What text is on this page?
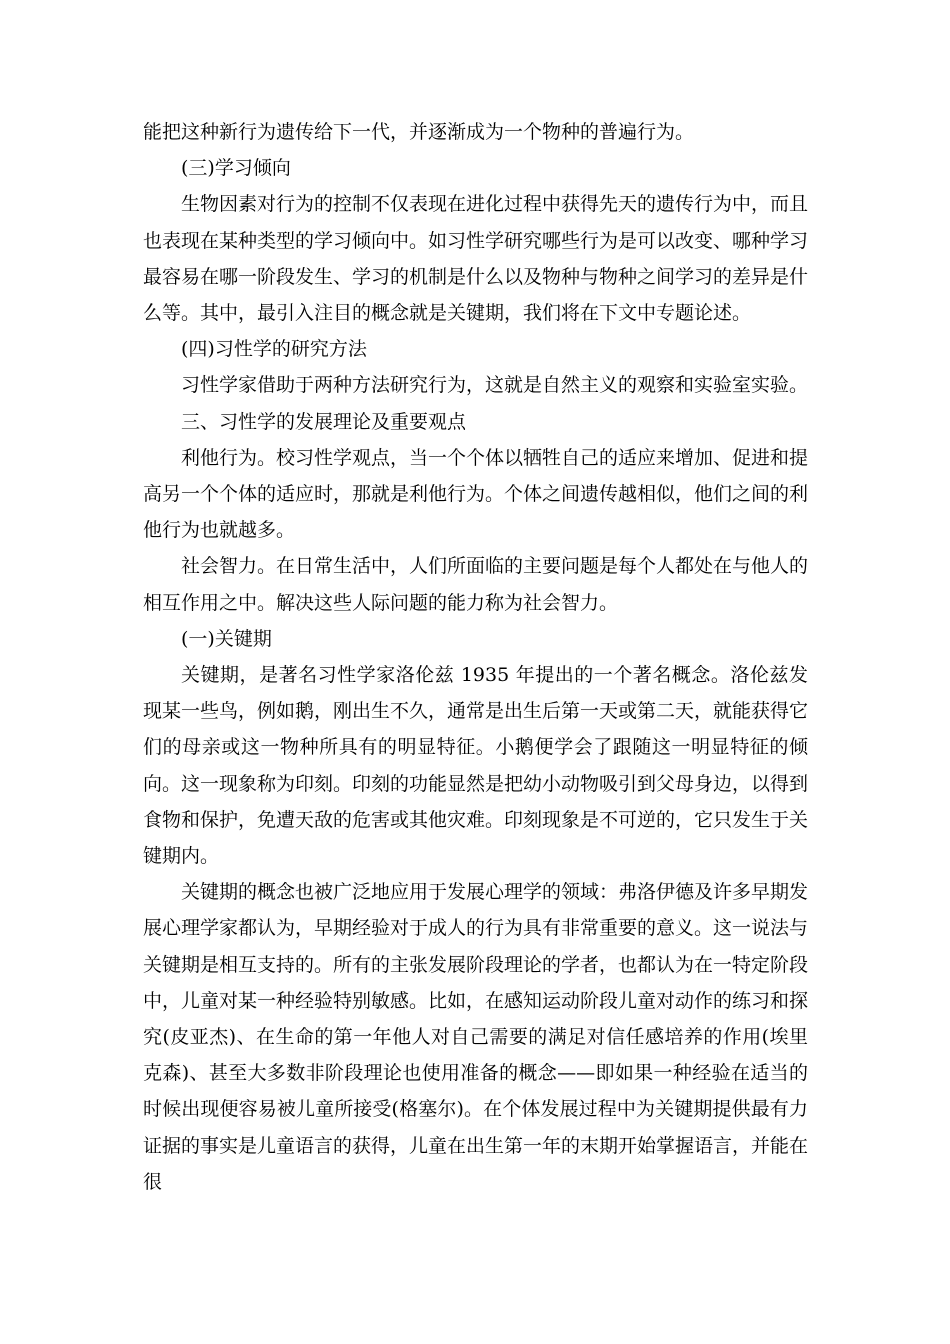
能把这种新行为遗传给下一代，并逐渐成为一个物种的普遍行为。

(三)学习倾向

生物因素对行为的控制不仅表现在进化过程中获得先天的遗传行为中，而且也表现在某种类型的学习倾向中。如习性学研究哪些行为是可以改变、哪种学习最容易在哪一阶段发生、学习的机制是什么以及物种与物种之间学习的差异是什么等。其中，最引入注目的概念就是关键期，我们将在下文中专题论述。

(四)习性学的研究方法

习性学家借助于两种方法研究行为，这就是自然主义的观察和实验室实验。

三、习性学的发展理论及重要观点

利他行为。校习性学观点，当一个个体以牺牲自己的适应来增加、促进和提高另一个个体的适应时，那就是利他行为。个体之间遗传越相似，他们之间的利他行为也就越多。

社会智力。在日常生活中，人们所面临的主要问题是每个人都处在与他人的相互作用之中。解决这些人际问题的能力称为社会智力。

(一)关键期

关键期，是著名习性学家洛伦兹 1935 年提出的一个著名概念。洛伦兹发现某一些鸟，例如鹅，刚出生不久，通常是出生后第一天或第二天，就能获得它们的母亲或这一物种所具有的明显特征。小鹅便学会了跟随这一明显特征的倾向。这一现象称为印刻。印刻的功能显然是把幼小动物吸引到父母身边，以得到食物和保护，免遭天敌的危害或其他灾难。印刻现象是不可逆的，它只发生于关键期内。

关键期的概念也被广泛地应用于发展心理学的领域：弗洛伊德及许多早期发展心理学家都认为，早期经验对于成人的行为具有非常重要的意义。这一说法与关键期是相互支持的。所有的主张发展阶段理论的学者，也都认为在一特定阶段中，儿童对某一种经验特别敏感。比如，在感知运动阶段儿童对动作的练习和探究(皮亚杰)、在生命的第一年他人对自己需要的满足对信任感培养的作用(埃里克森)、甚至大多数非阶段理论也使用准备的概念——即如果一种经验在适当的时候出现便容易被儿童所接受(格塞尔)。在个体发展过程中为关键期提供最有力证据的事实是儿童语言的获得，儿童在出生第一年的末期开始掌握语言，并能在很
